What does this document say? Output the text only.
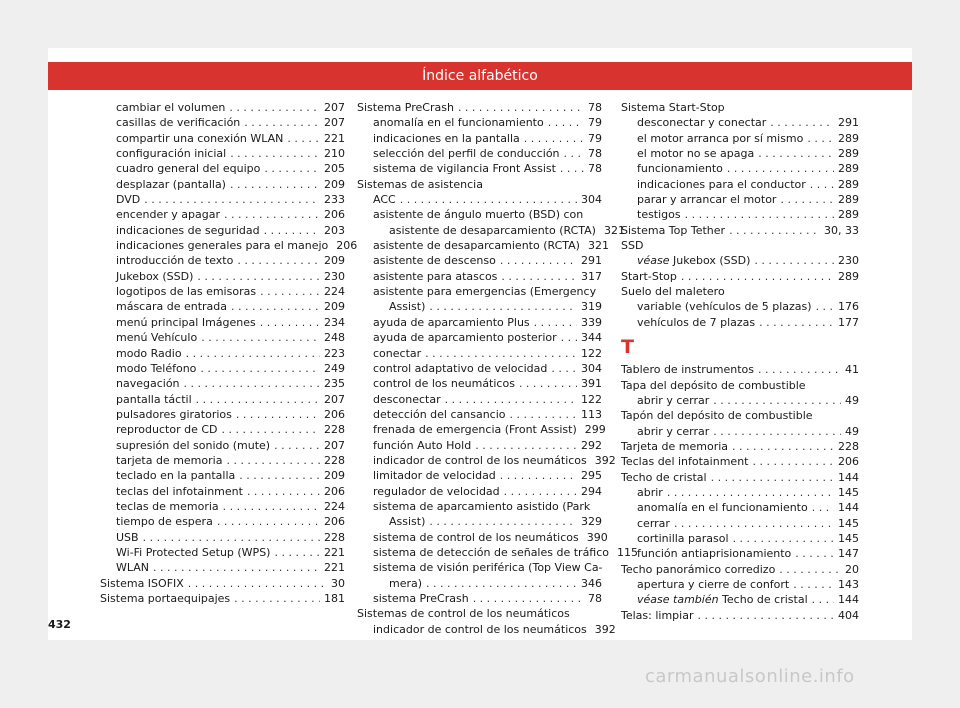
Índice alfabético
cambiar el volumen . . .	207
casillas de verificación . . .	207
compartir una conexión WLAN . . .	221
configuración inicial . . .	210
cuadro general del equipo . . .	205
desplazar (pantalla) . . .	209
DVD . . .	233
encender y apagar . . .	206
indicaciones de seguridad . . .	203
indicaciones generales para el manejo 206
introducción de texto . . .	209
Jukebox (SSD) . . .	230
logotipos de las emisoras . . .	224
máscara de entrada . . .	209
menú principal Imágenes . . .	234
menú Vehículo . . .	248
modo Radio . . .	223
modo Teléfono . . .	249
navegación . . .	235
pantalla táctil . . .	207
pulsadores giratorios . . .	206
reproductor de CD . . .	228
supresión del sonido (mute) . . .	207
tarjeta de memoria . . .	228
teclado en la pantalla . . .	209
teclas del infotainment . . .	206
teclas de memoria . . .	224
tiempo de espera . . .	206
USB . . .	228
Wi-Fi Protected Setup (WPS) . . .	221
WLAN . . .	221
Sistema ISOFIX . . .	30
Sistema portaequipajes . . .	181
Sistema PreCrash . . .	78
anomalía en el funcionamiento . . .	79
indicaciones en la pantalla . . .	79
selección del perfil de conducción . . .	78
sistema de vigilancia Front Assist . . .	78
Sistemas de asistencia
ACC . . .	304
asistente de ángulo muerto (BSD) con
asistente de desaparcamiento (RCTA) 321
asistente de desaparcamiento (RCTA) 321
asistente de descenso . . .	291
asistente para atascos . . .	317
asistente para emergencias (Emergency
Assist) . . .	319
ayuda de aparcamiento Plus . . .	339
ayuda de aparcamiento posterior . . . 344
conectar . . .	122
control adaptativo de velocidad . . .	304
control de los neumáticos . . .	391
desconectar . . .	122
detección del cansancio . . .	113
frenada de emergencia (Front Assist) 299
función Auto Hold . . .	292
indicador de control de los neumáticos 392
limitador de velocidad . . .	295
regulador de velocidad . . .	294
sistema de aparcamiento asistido (Park
Assist) . . .	329
sistema de control de los neumáticos 390
sistema de detección de señales de tráfico 115
sistema de visión periférica (Top View Ca-
mera) . . .	346
sistema PreCrash . . .	78
Sistemas de control de los neumáticos
indicador de control de los neumáticos 392
Sistema Start-Stop
desconectar y conectar . . .	291
el motor arranca por sí mismo . . .	289
el motor no se apaga . . .	289
funcionamiento . . .	289
indicaciones para el conductor . . .	289
parar y arrancar el motor . . .	289
testigos . . .	289
Sistema Top Tether . . .	30, 33
SSD
véase Jukebox (SSD) . . .	230
Start-Stop . . .	289
Suelo del maletero
variable (vehículos de 5 plazas) . . . 176
vehículos de 7 plazas . . .	177
T
Tablero de instrumentos . . .	41
Tapa del depósito de combustible
abrir y cerrar . . .	49
Tapón del depósito de combustible
abrir y cerrar . . .	49
Tarjeta de memoria . . .	228
Teclas del infotainment . . .	206
Techo de cristal . . .	144
abrir . . .	145
anomalía en el funcionamiento . . .	144
cerrar . . .	145
cortinilla parasol . . .	145
función antiaprisionamiento . . .	147
Techo panorámico corredizo . . .	20
apertura y cierre de confort . . .	143
véase también Techo de cristal . . .	144
Telas: limpiar . . .	404
432
carmanualsonline.info
